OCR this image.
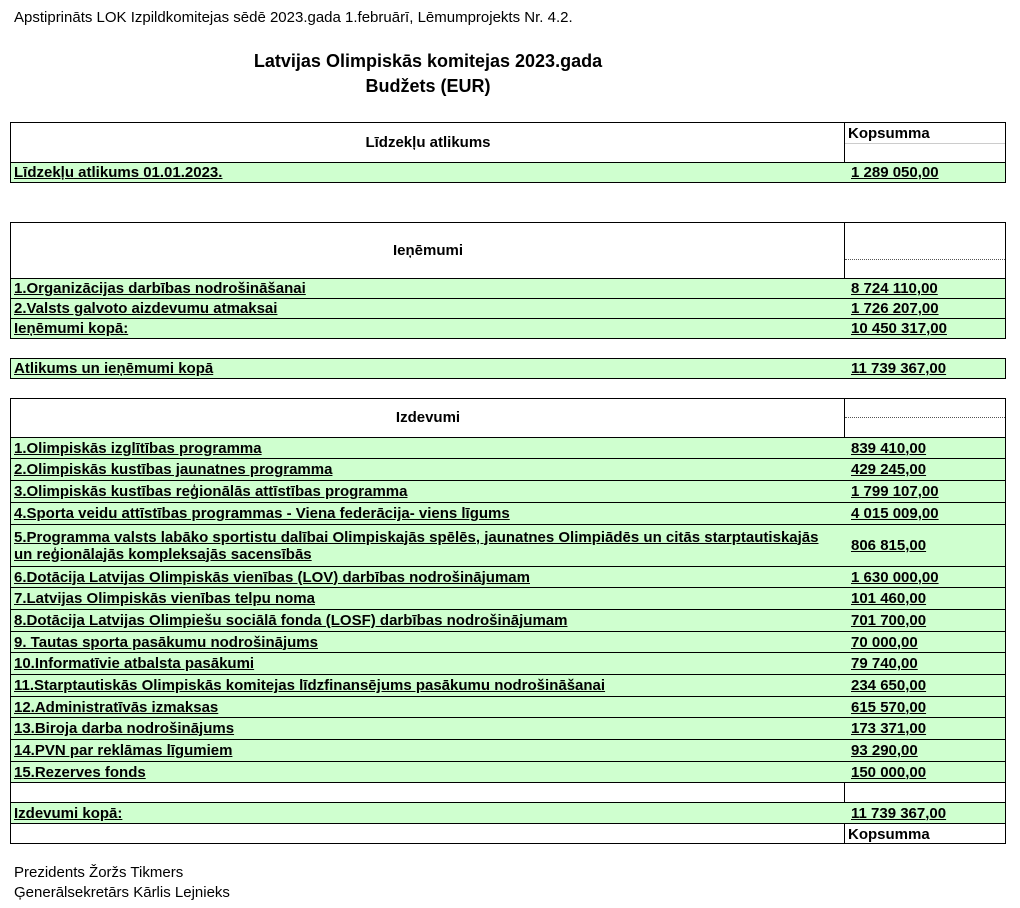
Apstiprināts LOK Izpildkomitejas sēdē 2023.gada 1.februārī, Lēmumprojekts Nr. 4.2.
Latvijas Olimpiskās komitejas 2023.gada
Budžets (EUR)
Līdzekļu atlikums
Kopsumma
Līdzekļu atlikums 01.01.2023.	1 289 050,00
Ieņēmumi
1.Organizācijas darbības nodrošināšanai	8 724 110,00
2.Valsts galvoto aizdevumu atmaksai	1 726 207,00
Ieņēmumi kopā:	10 450 317,00
Atlikums un ieņēmumi kopā	11 739 367,00
Izdevumi
1.Olimpiskās izglītības programma	839 410,00
2.Olimpiskās kustības jaunatnes programma	429 245,00
3.Olimpiskās kustības reģionālās attīstības programma	1 799 107,00
4.Sporta veidu attīstības programmas - Viena federācija- viens līgums	4 015 009,00
5.Programma valsts labāko sportistu dalībai Olimpiskajās spēlēs, jaunatnes Olimpiādēs un citās starptautiskajās un reģionālajās kompleksajās sacensībās	806 815,00
6.Dotācija Latvijas Olimpiskās vienības (LOV) darbības nodrošinājumam	1 630 000,00
7.Latvijas Olimpiskās vienības telpu noma	101 460,00
8.Dotācija Latvijas Olimpiešu sociālā fonda (LOSF) darbības nodrošinājumam	701 700,00
9. Tautas sporta pasākumu nodrošinājums	70 000,00
10.Informatīvie atbalsta pasākumi	79 740,00
11.Starptautiskās Olimpiskās komitejas līdzfinansējums pasākumu nodrošināšanai	234 650,00
12.Administratīvās izmaksas	615 570,00
13.Biroja darba nodrošinājums	173 371,00
14.PVN par reklāmas līgumiem	93 290,00
15.Rezerves fonds	150 000,00
Izdevumi kopā:	11 739 367,00
Kopsumma
Prezidents Žoržs Tikmers
Ģenerālsekretārs Kārlis Lejnieks
